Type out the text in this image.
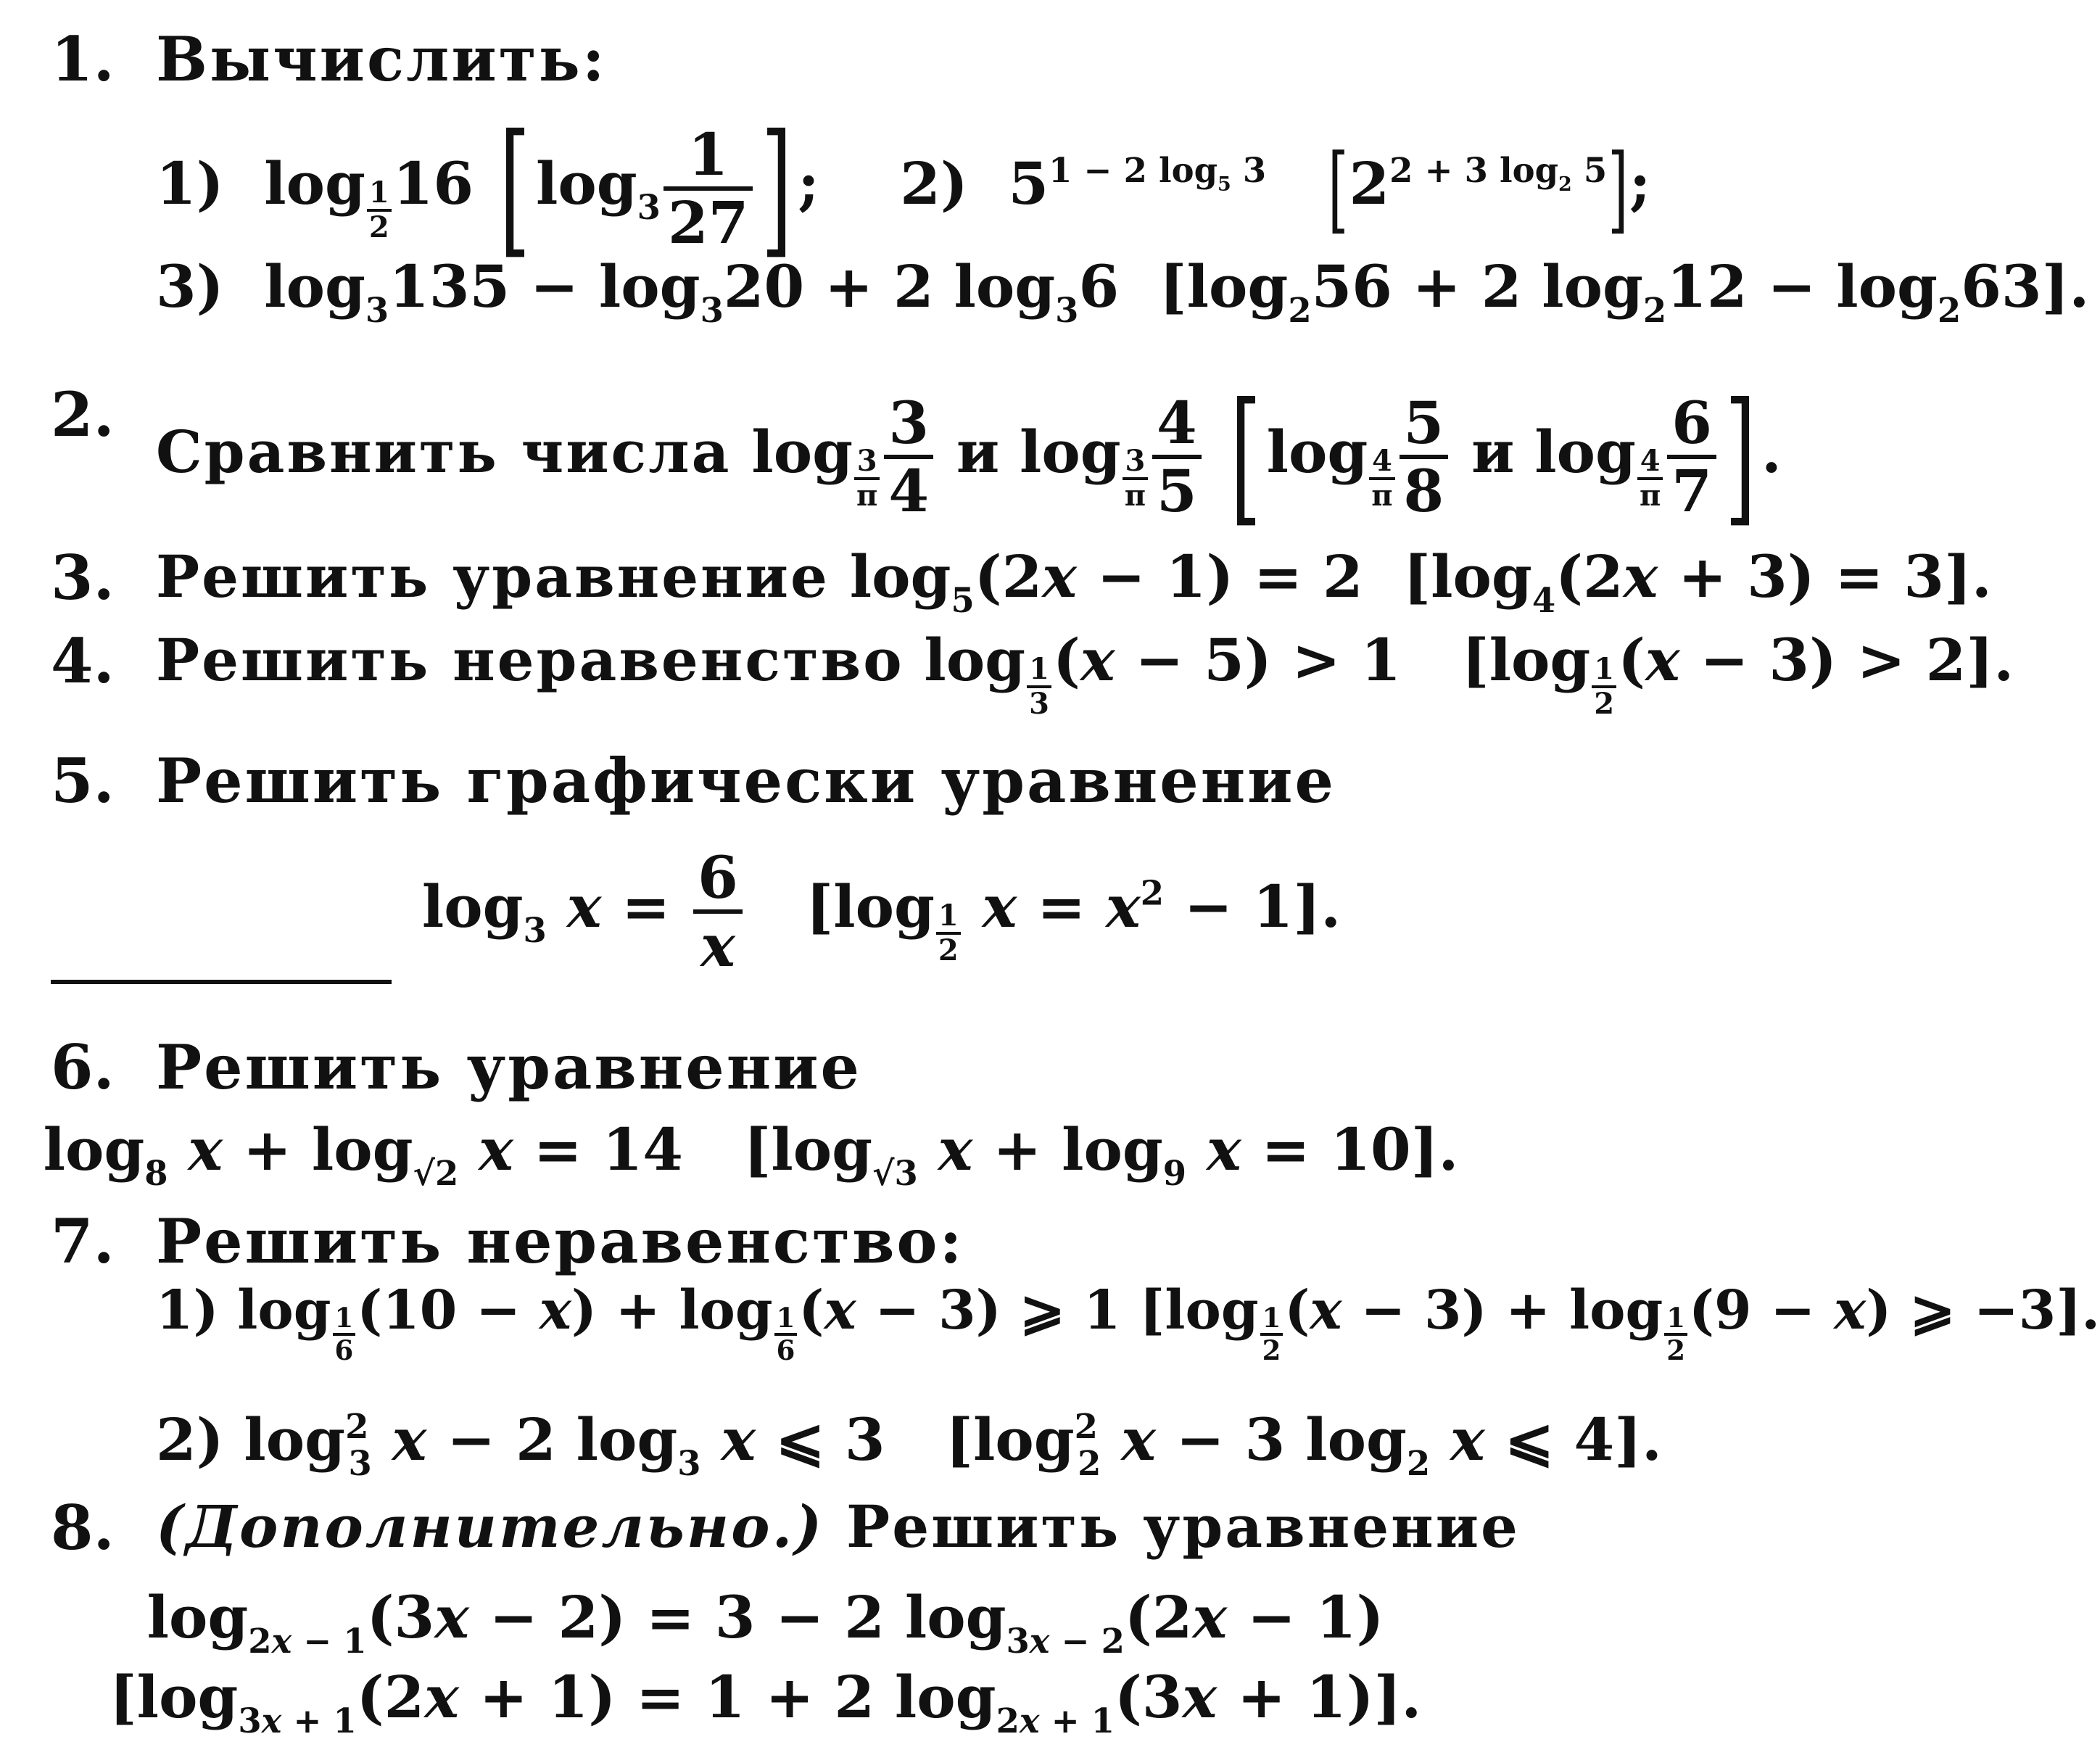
1. Вычислить:
1)  $\log \frac{1}{2} 16$ [$\log_3 \frac{1}{27}$ ];    2)  $5^{1 - 2 log_5 3}$ $[2^{2 + 3 log_2 5}]$;
3)  $\log_3135 - \log_320 + 2$ $\log_36$  [$\log_256 + 2$ $\log_212 - \log_263$].
2.
Сравнить числа $\log \frac{3}{\pi} \frac{3}{4}$ и $\log \frac{3}{\pi} \frac{4}{5} [\log \frac{4}{\pi} \frac{5}{8}$ и $\log \frac{4}{\pi} \frac{6}{7}$ ].
3. Решить уравнение $\log_5(2x - 1) = 2$  $[\log_4(2x + 3) = 3]$.
4. Решить неравенство $\log \frac{1}{3} (x - 5) > 1$   $[\log \frac{1}{2} (x - 3) > 2]$.
5. Решить графически уравнение
$\log_3 x = \frac{6}{x} [\log \frac{1}{2}$ $x = x^2 - 1$].
6. Решить уравнение
$\log_8 x + \log_{√2} x = 14$   [$\log_{√3}$ $x + \log_9 x = 10$].
7. Решить неравенство:
1) $\log \frac{1}{6} (10 - x) + \log \frac{1}{6} (x - 3)$ ⩾ 1 [$\log \frac{1}{2} (x - 3) + \log \frac{1}{2} (9 - x)$ ⩾ −3].
2) $\log^2_3 x - 2$ $\log_3 x$ ⩽ 3   [$\log^2_2$ x − 3 $\log_2 x$ ⩽ 4].
8. (Дополнительно.) Решить уравнение
$\log_{2x - 1}(3x - 2) = 3 - 2$ $\log_{3x - 2}(2x - 1)$
[$\log_{3x + 1}(2x + 1) = 1 + 2$ $\log_{2x + 1}(3x + 1)$].
